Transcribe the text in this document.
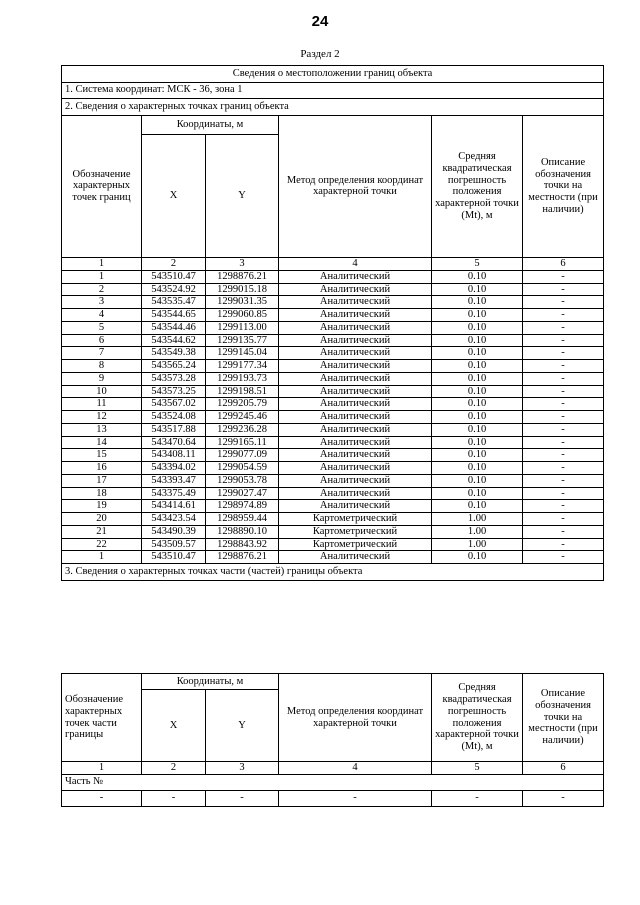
24
Раздел 2
Сведения о местоположении границ объекта					
1. Система координат: МСК - 36, зона 1					
2. Сведения о характерных точках границ объекта					
Обозначение характерных точек границ	Координаты, м		Метод определения координат характерной точки	Средняя квадратическая погрешность положения характерной точки (Mt), м	Описание обозначения точки на местности (при наличии)
	X	Y			
1	2	3	4	5	6
1	543510.47	1298876.21	Аналитический	0.10	-
2	543524.92	1299015.18	Аналитический	0.10	-
3	543535.47	1299031.35	Аналитический	0.10	-
4	543544.65	1299060.85	Аналитический	0.10	-
5	543544.46	1299113.00	Аналитический	0.10	-
6	543544.62	1299135.77	Аналитический	0.10	-
7	543549.38	1299145.04	Аналитический	0.10	-
8	543565.24	1299177.34	Аналитический	0.10	-
9	543573.28	1299193.73	Аналитический	0.10	-
10	543573.25	1299198.51	Аналитический	0.10	-
11	543567.02	1299205.79	Аналитический	0.10	-
12	543524.08	1299245.46	Аналитический	0.10	-
13	543517.88	1299236.28	Аналитический	0.10	-
14	543470.64	1299165.11	Аналитический	0.10	-
15	543408.11	1299077.09	Аналитический	0.10	-
16	543394.02	1299054.59	Аналитический	0.10	-
17	543393.47	1299053.78	Аналитический	0.10	-
18	543375.49	1299027.47	Аналитический	0.10	-
19	543414.61	1298974.89	Аналитический	0.10	-
20	543423.54	1298959.44	Картометрический	1.00	-
21	543490.39	1298890.10	Картометрический	1.00	-
22	543509.57	1298843.92	Картометрический	1.00	-
1	543510.47	1298876.21	Аналитический	0.10	-
3. Сведения о характерных точках части (частей) границы объекта					
Обозначение характерных точек части границы	Координаты, м		Метод определения координат характерной точки	Средняя квадратическая погрешность положения характерной точки (Mt), м	Описание обозначения точки на местности (при наличии)
	X	Y			
1	2	3	4	5	6
Часть №					
-	-	-	-	-	-
